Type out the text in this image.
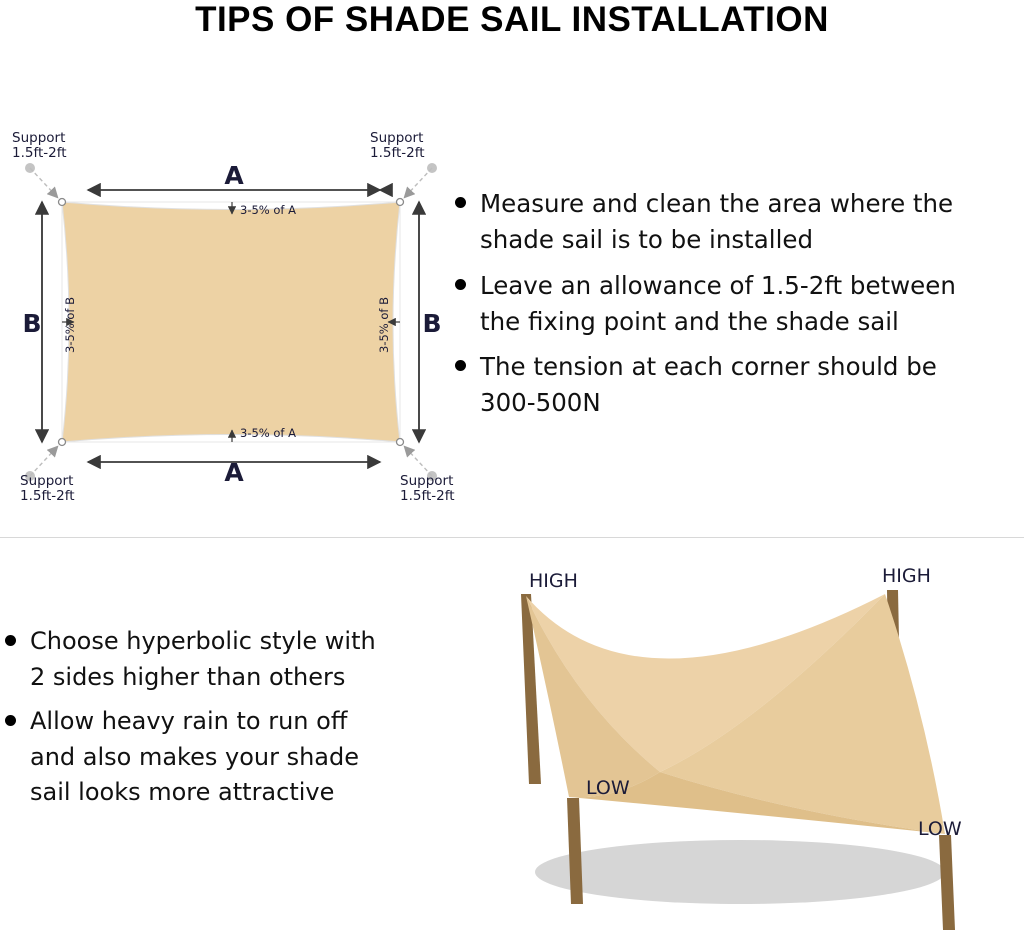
TIPS OF SHADE SAIL INSTALLATION
A
3-5% of A
A
3-5% of A
B 3-5% of B	B
3-5% of B
Support
1.5ft-2ft
Support
1.5ft-2ft
Support
1.5ft-2ft
Support
1.5ft-2ft
Measure and clean the area where the
shade sail is to be installed
Leave an allowance of 1.5-2ft between
the fixing point and the shade sail
The tension at each corner should be
300-500N
Choose hyperbolic style with
2 sides higher than others
Allow heavy rain to run off
and also makes your shade
sail looks more attractive
HIGH	HIGH
LOW
LOW
